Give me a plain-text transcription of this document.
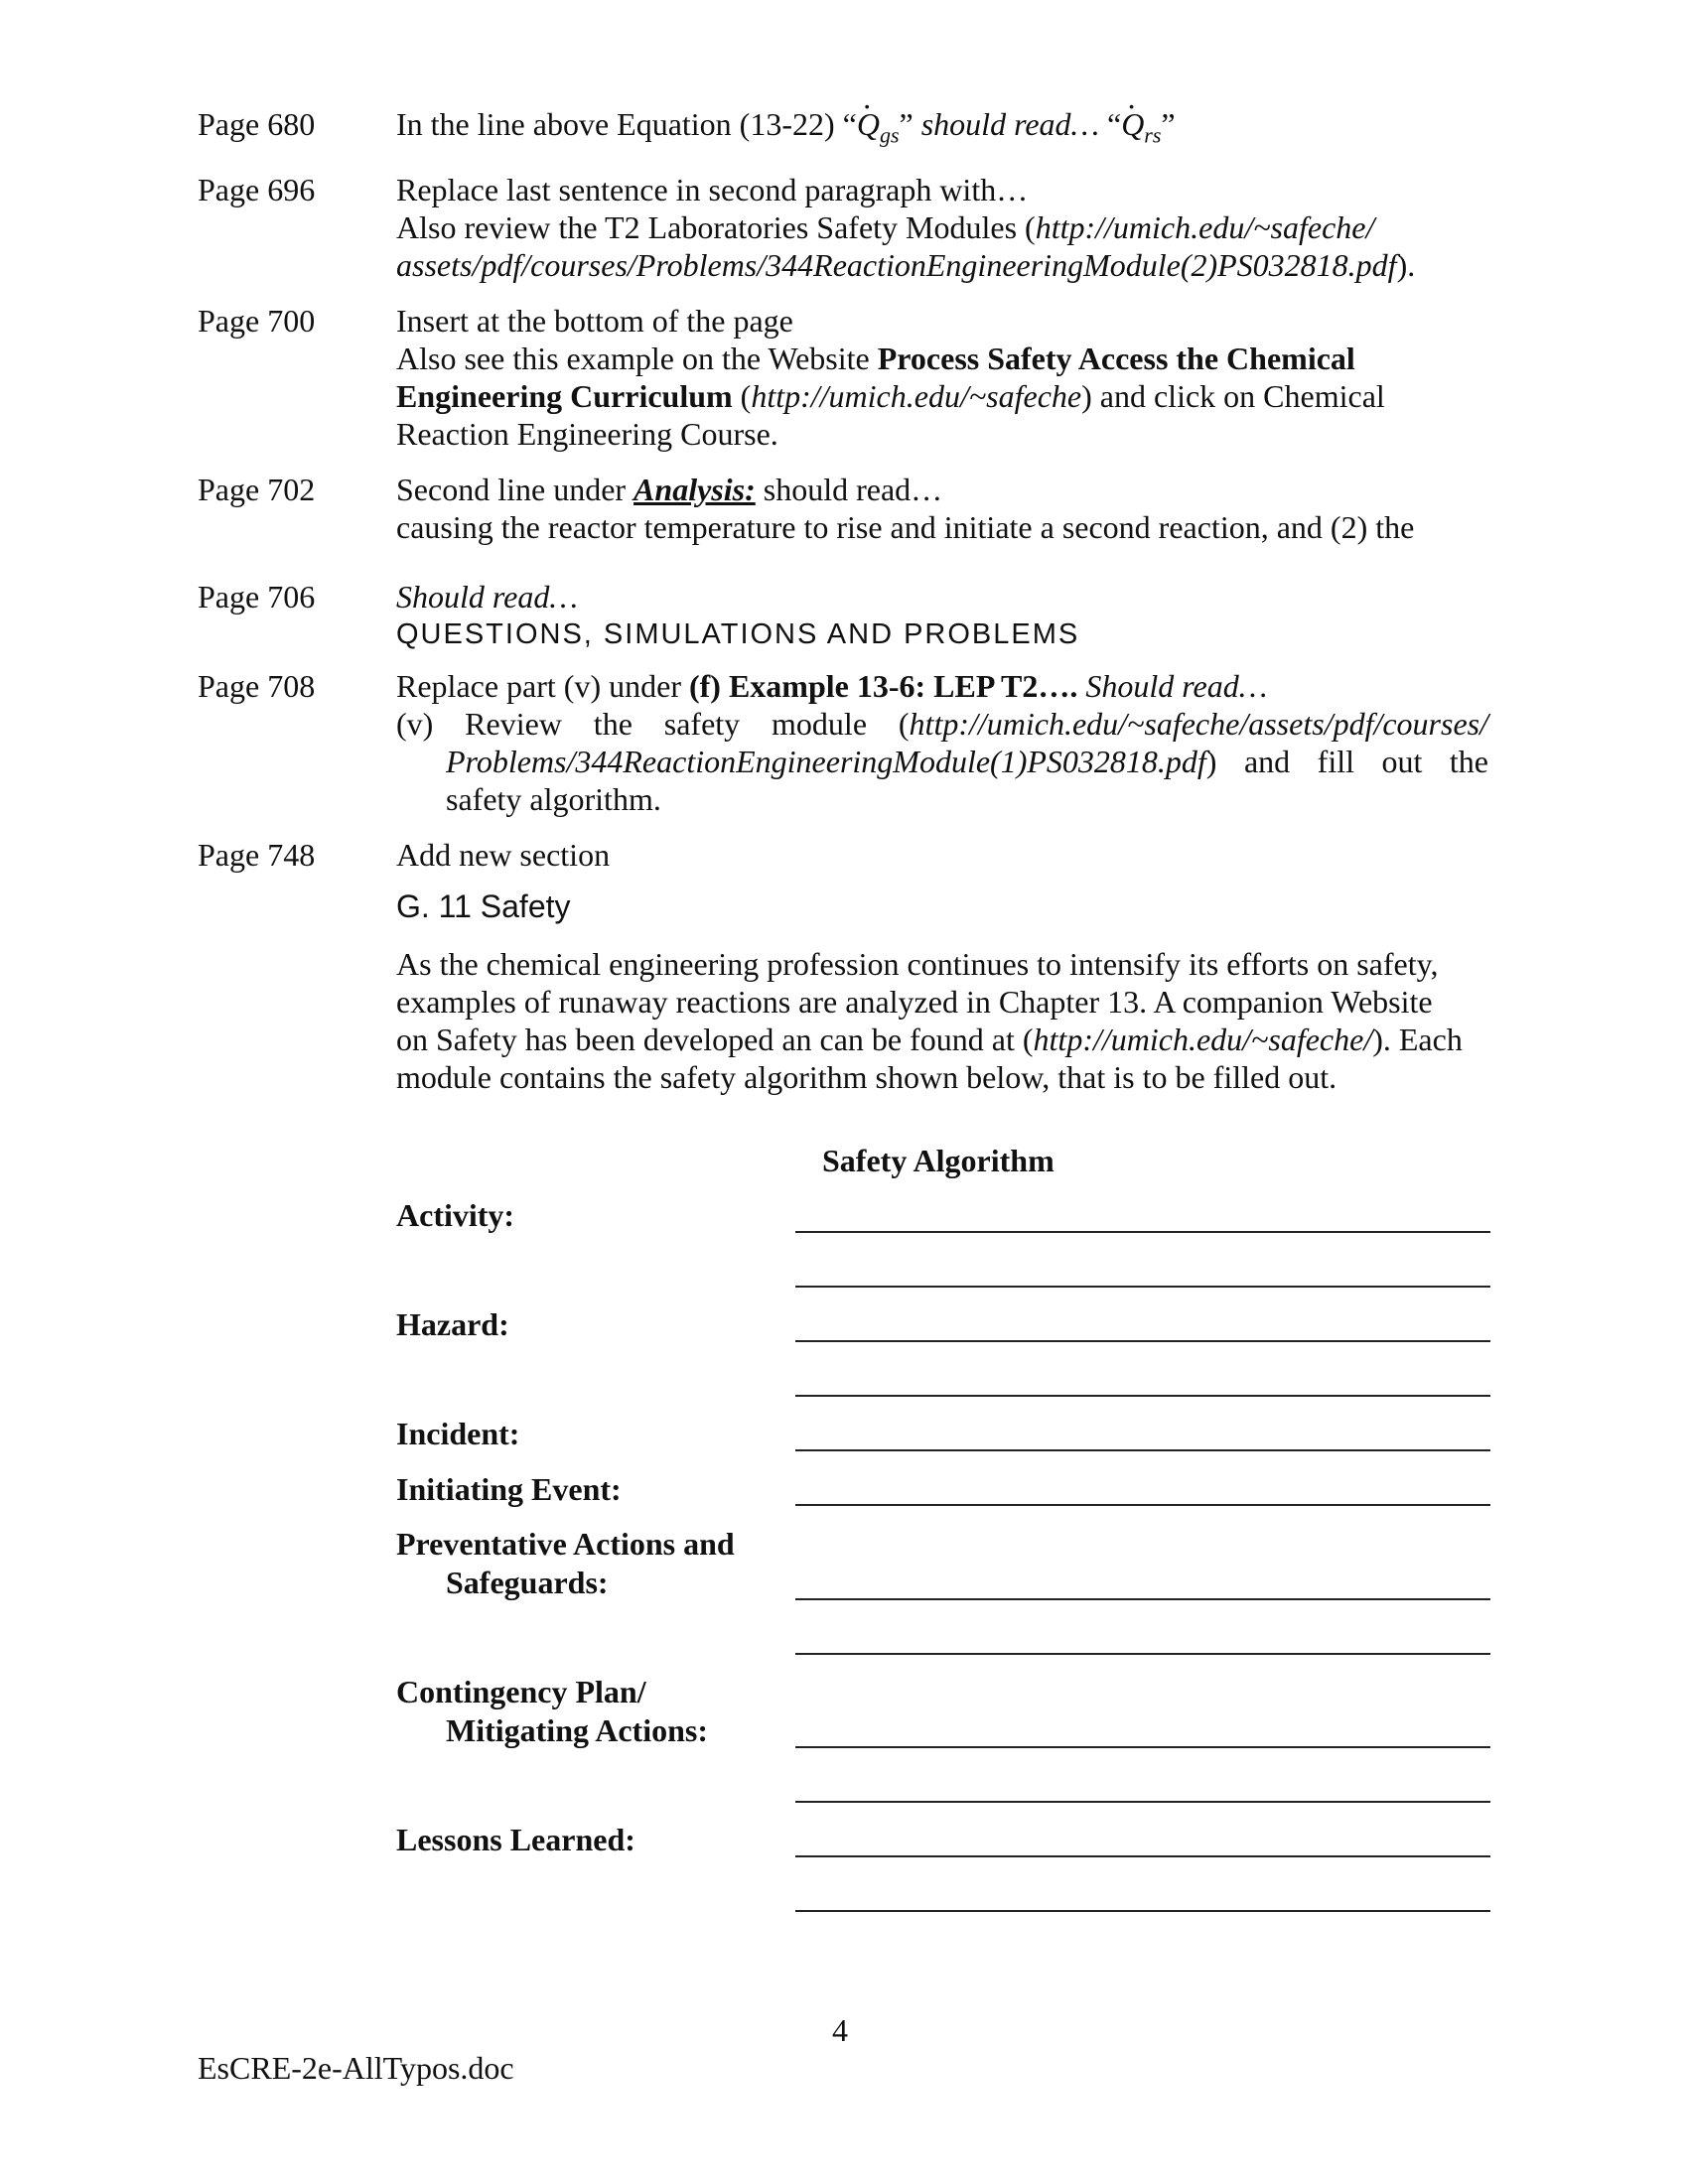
Page 680	In the line above Equation (13-22) “· $Q_{gs}$” should read… “· $Q_{rs}$”
Page 696	Replace last sentence in second paragraph with…
Also review the T2 Laboratories Safety Modules (http://umich.edu/~safeche/
assets/pdf/courses/Problems/344ReactionEngineeringModule(2)PS032818.pdf).
Page 700	Insert at the bottom of the page
Also see this example on the Website Process Safety Access the Chemical
Engineering Curriculum (http://umich.edu/~safeche) and click on Chemical
Reaction Engineering Course.
Page 702	Second line under Analysis: should read…
causing the reactor temperature to rise and initiate a second reaction, and (2) the
Page 706	Should read…
QUESTIONS, SIMULATIONS AND PROBLEMS
Page 708	Replace part (v) under (f) Example 13-6: LEP T2…. Should read…
(v) Review the safety module (http://umich.edu/~safeche/assets/pdf/courses/
Problems/344ReactionEngineeringModule(1)PS032818.pdf) and fill out the
safety algorithm.
Page 748	Add new section
G. 11 Safety
As the chemical engineering profession continues to intensify its efforts on safety,
examples of runaway reactions are analyzed in Chapter 13. A companion Website
on Safety has been developed an can be found at (http://umich.edu/~safeche/). Each
module contains the safety algorithm shown below, that is to be filled out.
Safety Algorithm
Activity:
Hazard:
Incident:
Initiating Event:
Preventative Actions and
Safeguards:
Contingency Plan/
Mitigating Actions:
Lessons Learned:
4
EsCRE-2e-AllTypos.doc
